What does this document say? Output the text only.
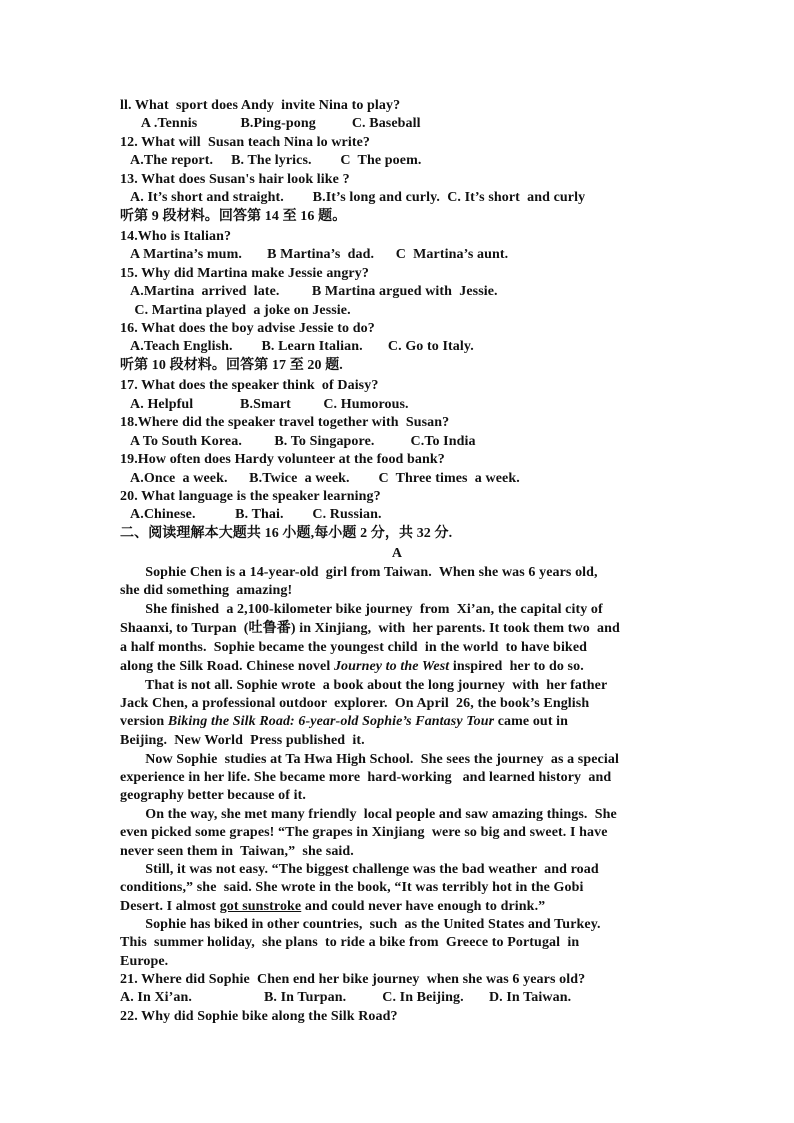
ll. What  sport does Andy  invite Nina to play?
A .Tennis            B.Ping-pong          C. Baseball
12. What will  Susan teach Nina lo write?
A.The report.     B. The lyrics.        C  The poem.
13. What does Susan's hair look like ?
A. It’s short and straight.        B.It’s long and curly.  C. It’s short  and curly
听第 9 段材料。回答第 14 至 16 题。
14.Who is Italian?
A Martina’s mum.       B Martina’s  dad.      C  Martina’s aunt.
15. Why did Martina make Jessie angry?
A.Martina  arrived  late.         B Martina argued with  Jessie.
C. Martina played  a joke on Jessie.
16. What does the boy advise Jessie to do?
A.Teach English.        B. Learn Italian.       C. Go to Italy.
听第 10 段材料。回答第 17 至 20 题.
17. What does the speaker think  of Daisy?
A. Helpful             B.Smart         C. Humorous.
18.Where did the speaker travel together with  Susan?
A To South Korea.         B. To Singapore.          C.To India
19.How often does Hardy volunteer at the food bank?
A.Once  a week.      B.Twice  a week.        C  Three times  a week.
20. What language is the speaker learning?
A.Chinese.           B. Thai.        C. Russian.
二、阅读理解本大题共 16 小题,每小题 2 分，共 32 分.
A
Sophie Chen is a 14-year-old  girl from Taiwan.  When she was 6 years old,
she did something  amazing!
She finished  a 2,100-kilometer bike journey  from  Xi’an, the capital city of
Shaanxi, to Turpan  (吐鲁番) in Xinjiang,  with  her parents. It took them two  and
a half months.  Sophie became the youngest child  in the world  to have biked
along the Silk Road. Chinese novel Journey to the West inspired  her to do so.
That is not all. Sophie wrote  a book about the long journey  with  her father
Jack Chen, a professional outdoor  explorer.  On April  26, the book’s English
version Biking the Silk Road: 6-year-old Sophie’s Fantasy Tour came out in
Beijing.  New World  Press published  it.
Now Sophie  studies at Ta Hwa High School.  She sees the journey  as a special
experience in her life. She became more  hard-working   and learned history  and
geography better because of it.
On the way, she met many friendly  local people and saw amazing things.  She
even picked some grapes! “The grapes in Xinjiang  were so big and sweet. I have
never seen them in  Taiwan,”  she said.
Still, it was not easy. “The biggest challenge was the bad weather  and road
conditions,” she  said. She wrote in the book, “It was terribly hot in the Gobi
Desert. I almost got sunstroke and could never have enough to drink.”
Sophie has biked in other countries,  such  as the United States and Turkey.
This  summer holiday,  she plans  to ride a bike from  Greece to Portugal  in
Europe.
21. Where did Sophie  Chen end her bike journey  when she was 6 years old?
A. In Xi’an.                    B. In Turpan.          C. In Beijing.       D. In Taiwan.
22. Why did Sophie bike along the Silk Road?
